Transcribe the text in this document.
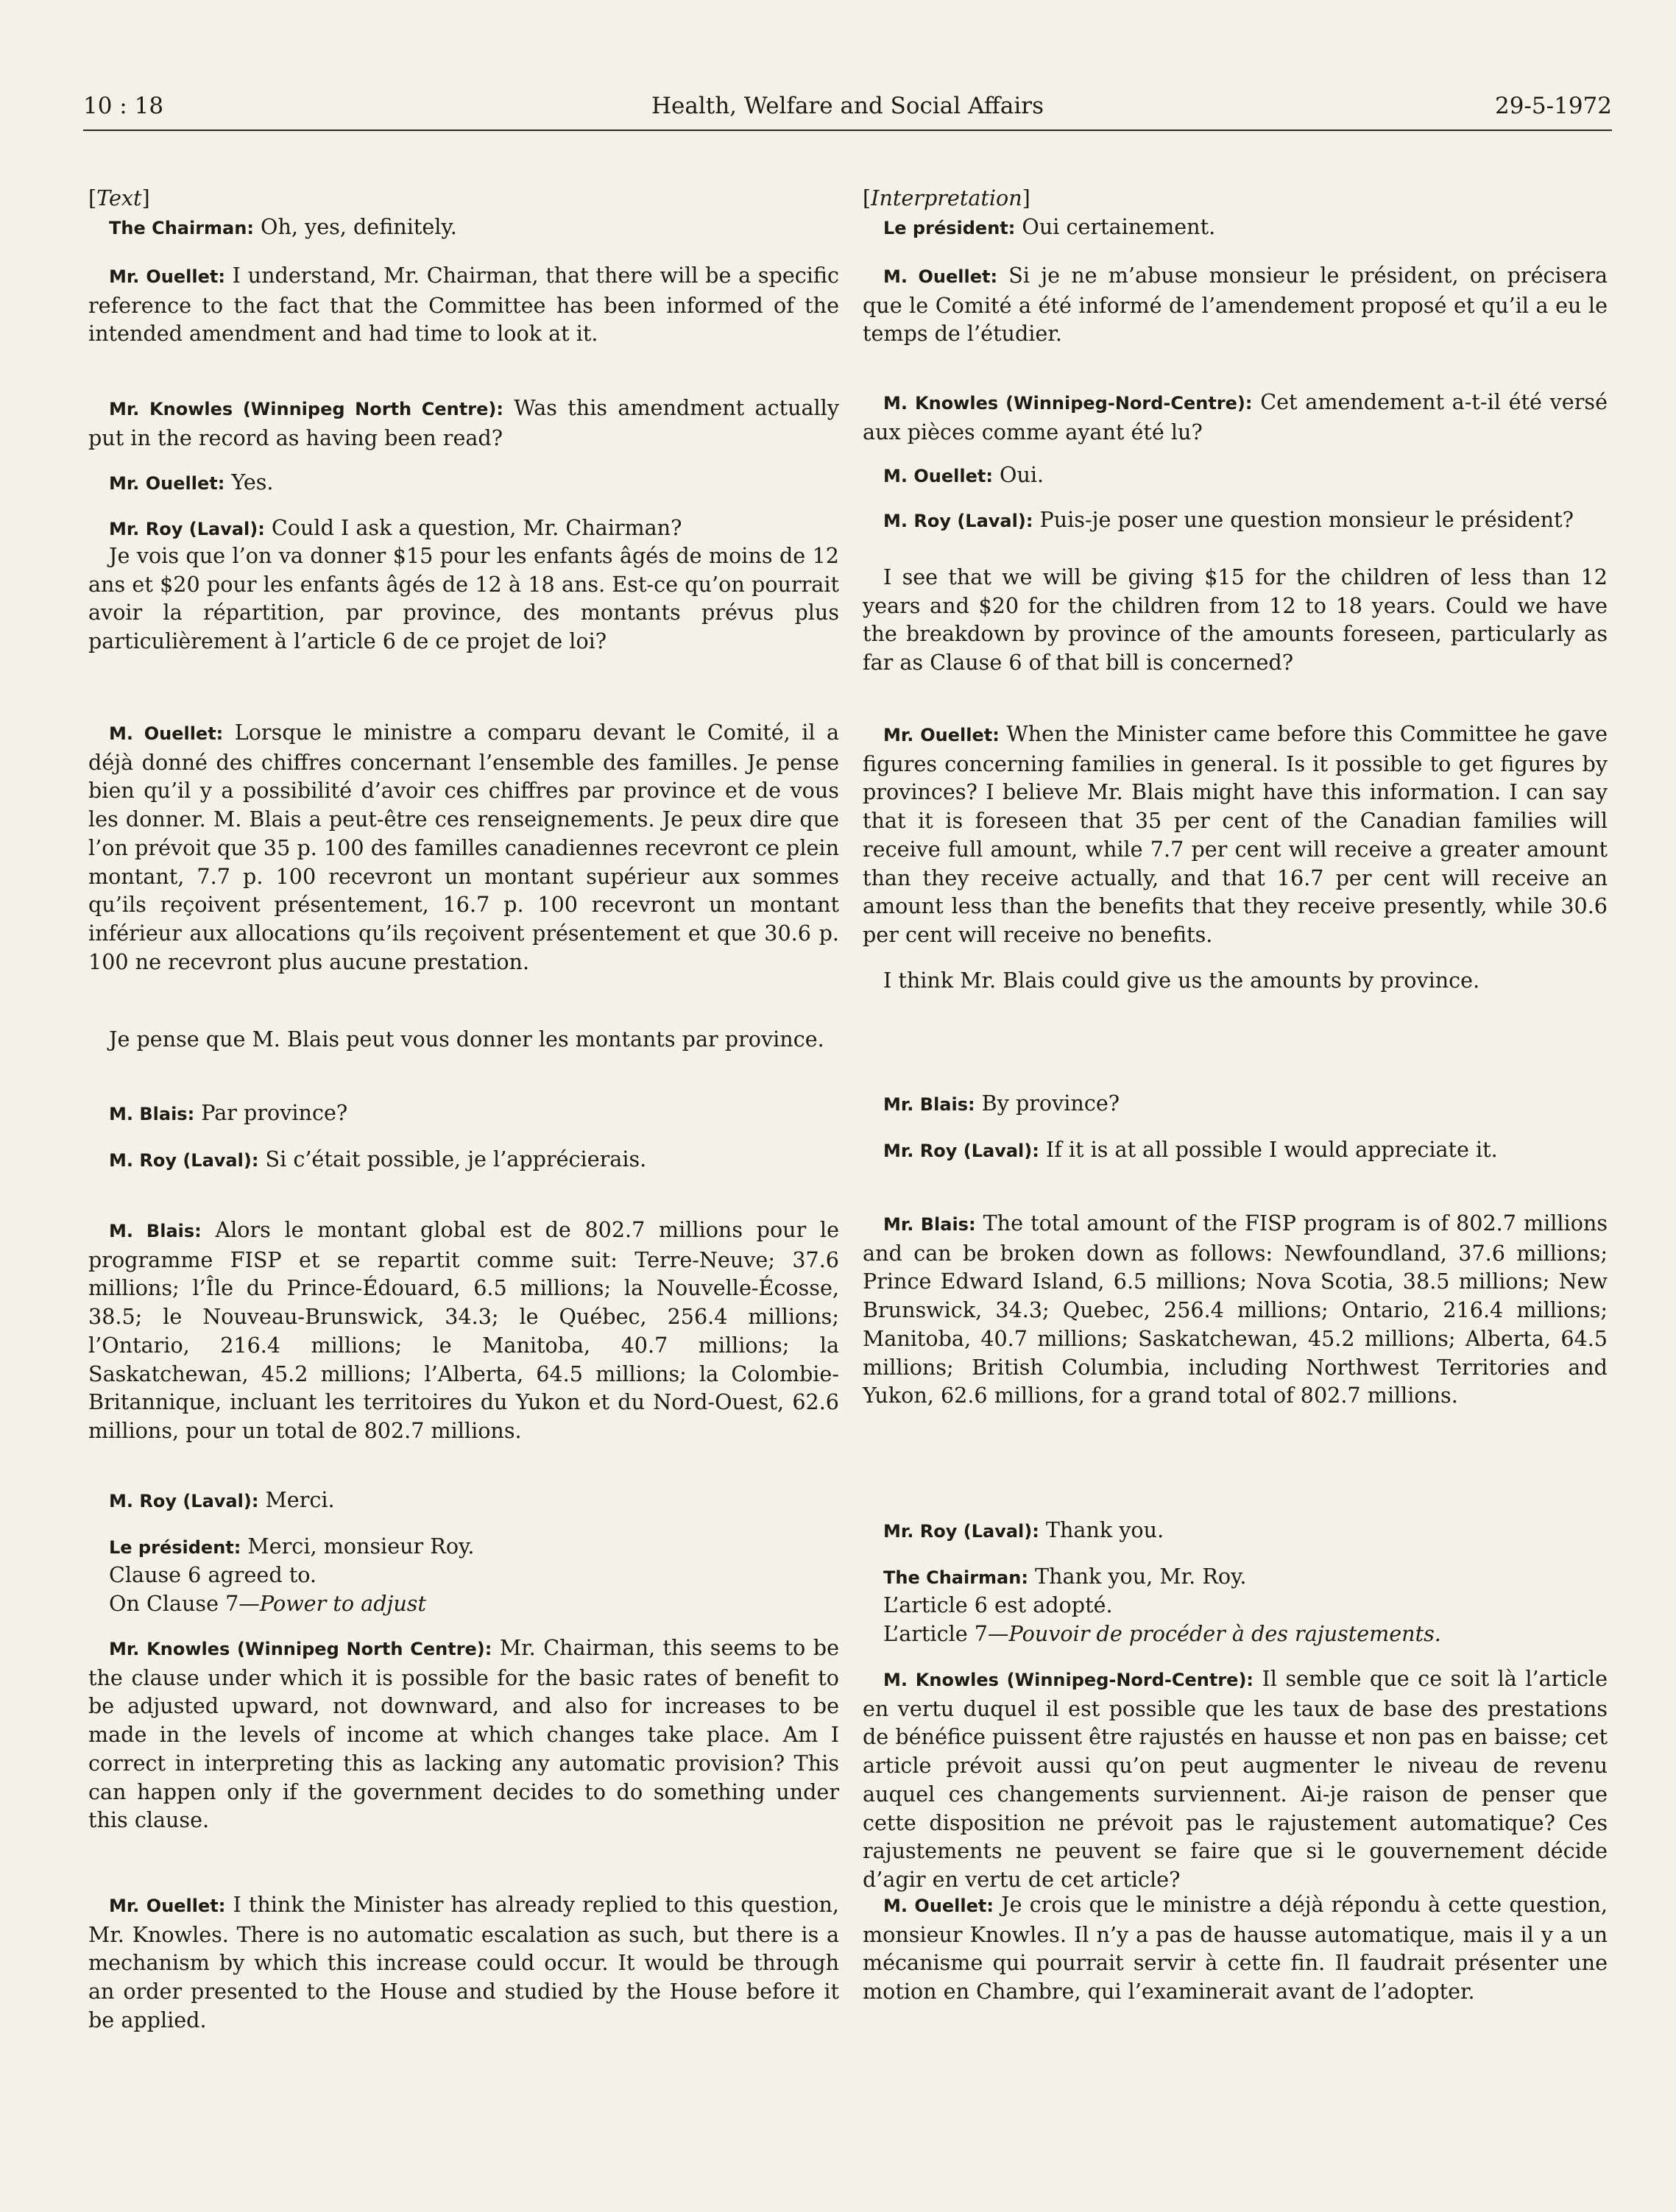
10 : 18	Health, Welfare and Social Affairs	29-5-1972

[Text]

The Chairman: Oh, yes, definitely.

Mr. Ouellet: I understand, Mr. Chairman, that there will be a specific reference to the fact that the Committee has been informed of the intended amendment and had time to look at it.

Mr. Knowles (Winnipeg North Centre): Was this amendment actually put in the record as having been read?

Mr. Ouellet: Yes.

Mr. Roy (Laval): Could I ask a question, Mr. Chairman?

Je vois que l’on va donner $15 pour les enfants âgés de moins de 12 ans et $20 pour les enfants âgés de 12 à 18 ans. Est-ce qu’on pourrait avoir la répartition, par province, des montants prévus plus particulièrement à l’article 6 de ce projet de loi?

M. Ouellet: Lorsque le ministre a comparu devant le Comité, il a déjà donné des chiffres concernant l’ensemble des familles. Je pense bien qu’il y a possibilité d’avoir ces chiffres par province et de vous les donner. M. Blais a peut-être ces renseignements. Je peux dire que l’on prévoit que 35 p. 100 des familles canadiennes recevront ce plein montant, 7.7 p. 100 recevront un montant supérieur aux sommes qu’ils reçoivent présentement, 16.7 p. 100 recevront un montant inférieur aux allocations qu’ils reçoivent présentement et que 30.6 p. 100 ne recevront plus aucune prestation.

Je pense que M. Blais peut vous donner les montants par province.

M. Blais: Par province?

M. Roy (Laval): Si c’était possible, je l’apprécierais.

M. Blais: Alors le montant global est de 802.7 millions pour le programme FISP et se repartit comme suit: Terre-Neuve; 37.6 millions; l’Île du Prince-Édouard, 6.5 millions; la Nouvelle-Écosse, 38.5; le Nouveau-Brunswick, 34.3; le Québec, 256.4 millions; l’Ontario, 216.4 millions; le Manitoba, 40.7 millions; la Saskatchewan, 45.2 millions; l’Alberta, 64.5 millions; la Colombie-Britannique, incluant les territoires du Yukon et du Nord-Ouest, 62.6 millions, pour un total de 802.7 millions.

M. Roy (Laval): Merci.

Le président: Merci, monsieur Roy.

Clause 6 agreed to.

On Clause 7—Power to adjust

Mr. Knowles (Winnipeg North Centre): Mr. Chairman, this seems to be the clause under which it is possible for the basic rates of benefit to be adjusted upward, not downward, and also for increases to be made in the levels of income at which changes take place. Am I correct in interpreting this as lacking any automatic provision? This can happen only if the government decides to do something under this clause.

Mr. Ouellet: I think the Minister has already replied to this question, Mr. Knowles. There is no automatic escalation as such, but there is a mechanism by which this increase could occur. It would be through an order presented to the House and studied by the House before it be applied.

[Interpretation]

Le président: Oui certainement.

M. Ouellet: Si je ne m’abuse monsieur le président, on précisera que le Comité a été informé de l’amendement proposé et qu’il a eu le temps de l’étudier.

M. Knowles (Winnipeg-Nord-Centre): Cet amendement a-t-il été versé aux pièces comme ayant été lu?

M. Ouellet: Oui.

M. Roy (Laval): Puis-je poser une question monsieur le président?

I see that we will be giving $15 for the children of less than 12 years and $20 for the children from 12 to 18 years. Could we have the breakdown by province of the amounts foreseen, particularly as far as Clause 6 of that bill is concerned?

Mr. Ouellet: When the Minister came before this Committee he gave figures concerning families in general. Is it possible to get figures by provinces? I believe Mr. Blais might have this information. I can say that it is foreseen that 35 per cent of the Canadian families will receive full amount, while 7.7 per cent will receive a greater amount than they receive actually, and that 16.7 per cent will receive an amount less than the benefits that they receive presently, while 30.6 per cent will receive no benefits.

I think Mr. Blais could give us the amounts by province.

Mr. Blais: By province?

Mr. Roy (Laval): If it is at all possible I would appreciate it.

Mr. Blais: The total amount of the FISP program is of 802.7 millions and can be broken down as follows: Newfoundland, 37.6 millions; Prince Edward Island, 6.5 millions; Nova Scotia, 38.5 millions; New Brunswick, 34.3; Quebec, 256.4 millions; Ontario, 216.4 millions; Manitoba, 40.7 millions; Saskatchewan, 45.2 millions; Alberta, 64.5 millions; British Columbia, including Northwest Territories and Yukon, 62.6 millions, for a grand total of 802.7 millions.

Mr. Roy (Laval): Thank you.

The Chairman: Thank you, Mr. Roy.

L’article 6 est adopté.

L’article 7—Pouvoir de procéder à des rajustements.

M. Knowles (Winnipeg-Nord-Centre): Il semble que ce soit là l’article en vertu duquel il est possible que les taux de base des prestations de bénéfice puissent être rajustés en hausse et non pas en baisse; cet article prévoit aussi qu’on peut augmenter le niveau de revenu auquel ces changements surviennent. Ai-je raison de penser que cette disposition ne prévoit pas le rajustement automatique? Ces rajustements ne peuvent se faire que si le gouvernement décide d’agir en vertu de cet article?

M. Ouellet: Je crois que le ministre a déjà répondu à cette question, monsieur Knowles. Il n’y a pas de hausse automatique, mais il y a un mécanisme qui pourrait servir à cette fin. Il faudrait présenter une motion en Chambre, qui l’examinerait avant de l’adopter.
